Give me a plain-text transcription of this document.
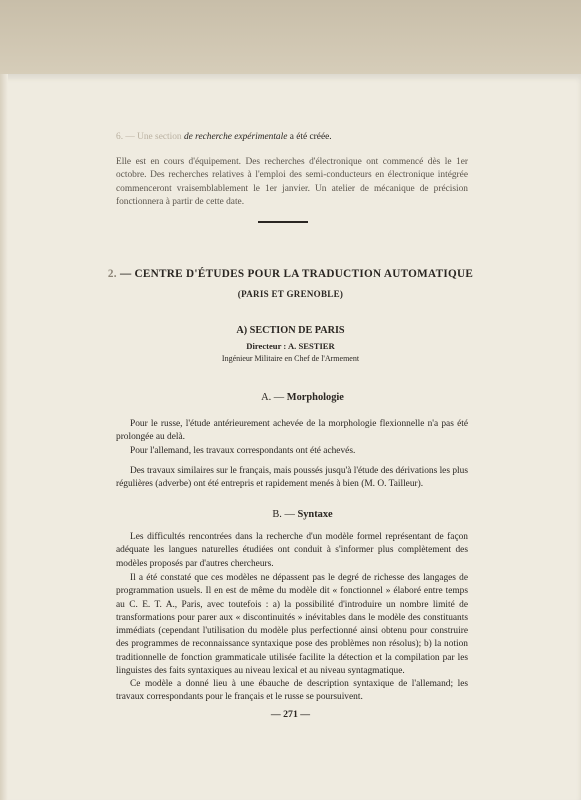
6. — Une section de recherche expérimentale a été créée.

Elle est en cours d'équipement. Des recherches d'électronique ont commencé dès le 1er octobre. Des recherches relatives à l'emploi des semi-conducteurs en électronique intégrée commenceront vraisemblablement le 1er janvier. Un atelier de mécanique de précision fonctionnera à partir de cette date.

2. — CENTRE D'ÉTUDES POUR LA TRADUCTION AUTOMATIQUE

(PARIS ET GRENOBLE)

A) SECTION DE PARIS

Directeur : A. SESTIER

Ingénieur Militaire en Chef de l'Armement

A. — Morphologie

Pour le russe, l'étude antérieurement achevée de la morphologie flexionnelle n'a pas été prolongée au delà.

Pour l'allemand, les travaux correspondants ont été achevés.

Des travaux similaires sur le français, mais poussés jusqu'à l'étude des dérivations les plus régulières (adverbe) ont été entrepris et rapidement menés à bien (M. O. Tailleur).

B. — Syntaxe

Les difficultés rencontrées dans la recherche d'un modèle formel représentant de façon adéquate les langues naturelles étudiées ont conduit à s'informer plus complètement des modèles proposés par d'autres chercheurs.

Il a été constaté que ces modèles ne dépassent pas le degré de richesse des langages de programmation usuels. Il en est de même du modèle dit « fonctionnel » élaboré entre temps au C. E. T. A., Paris, avec toutefois : a) la possibilité d'introduire un nombre limité de transformations pour parer aux « discontinuités » inévitables dans le modèle des constituants immédiats (cependant l'utilisation du modèle plus perfectionné ainsi obtenu pour construire des programmes de reconnaissance syntaxique pose des problèmes non résolus); b) la notion traditionnelle de fonction grammaticale utilisée facilite la détection et la compilation par les linguistes des faits syntaxiques au niveau lexical et au niveau syntagmatique.

Ce modèle a donné lieu à une ébauche de description syntaxique de l'allemand; les travaux correspondants pour le français et le russe se poursuivent.

— 271 —
